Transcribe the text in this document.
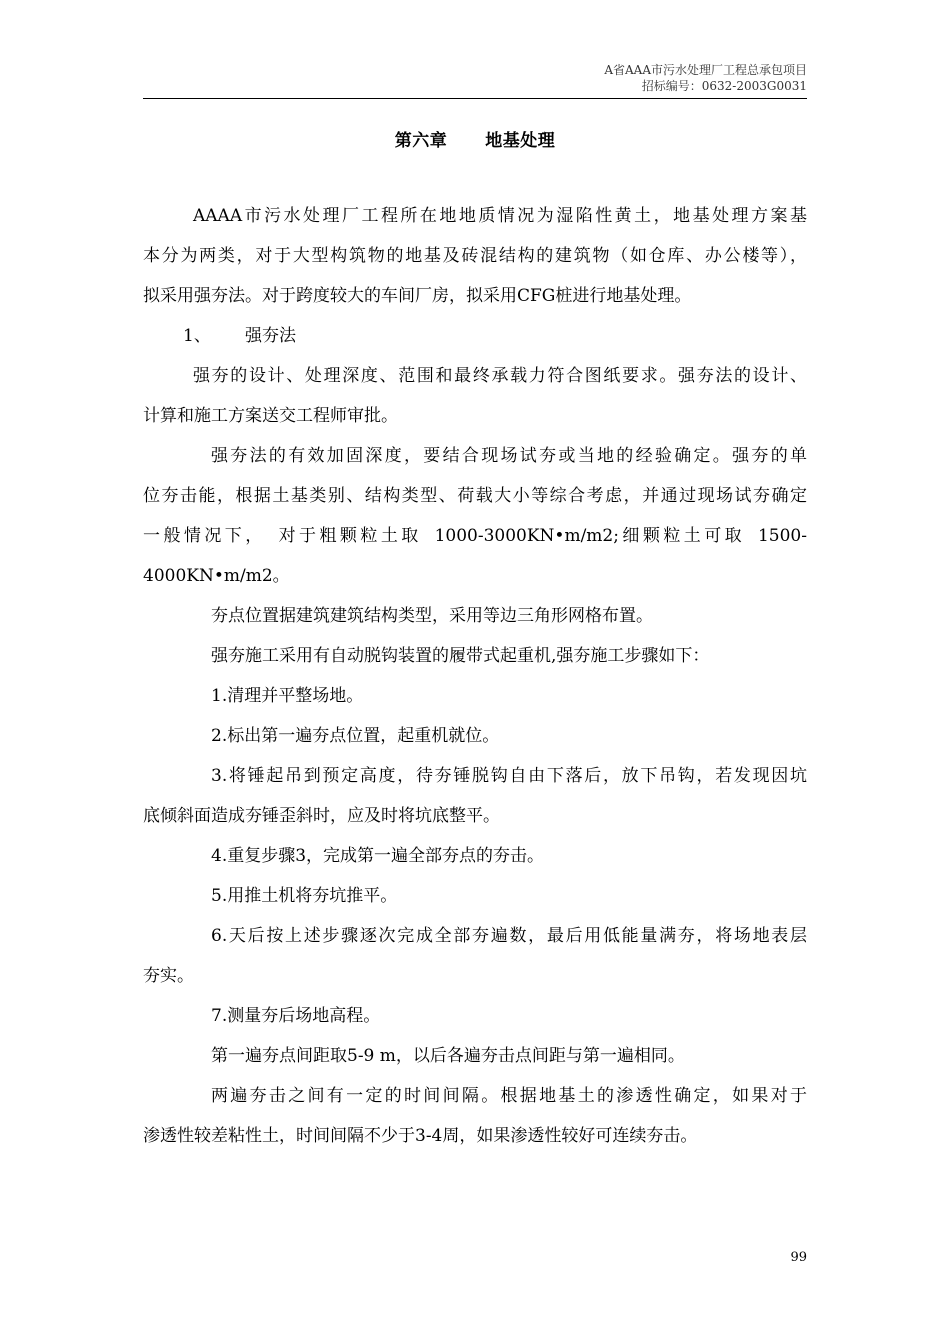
A省AAA市污水处理厂工程总承包项目
招标编号：0632-2003G0031
第六章 地基处理
AAAA市污水处理厂工程所在地地质情况为湿陷性黄土，地基处理方案基
本分为两类，对于大型构筑物的地基及砖混结构的建筑物（如仓库、办公楼等），
拟采用强夯法。对于跨度较大的车间厂房，拟采用CFG桩进行地基处理。
1、 强夯法
强夯的设计、处理深度、范围和最终承载力符合图纸要求。强夯法的设计、
计算和施工方案送交工程师审批。
强夯法的有效加固深度，要结合现场试夯或当地的经验确定。强夯的单
位夯击能，根据土基类别、结构类型、荷载大小等综合考虑，并通过现场试夯确定
一般情况下， 对于粗颗粒土取 1000-3000KN•m/m2;细颗粒土可取 1500-
4000KN•m/m2。
夯点位置据建筑建筑结构类型，采用等边三角形网格布置。
强夯施工采用有自动脱钩装置的履带式起重机,强夯施工步骤如下：
1.清理并平整场地。
2.标出第一遍夯点位置，起重机就位。
3.将锤起吊到预定高度，待夯锤脱钩自由下落后，放下吊钩，若发现因坑
底倾斜面造成夯锤歪斜时，应及时将坑底整平。
4.重复步骤3，完成第一遍全部夯点的夯击。
5.用推土机将夯坑推平。
6.天后按上述步骤逐次完成全部夯遍数，最后用低能量满夯，将场地表层
夯实。
7.测量夯后场地高程。
第一遍夯点间距取5-9 m，以后各遍夯击点间距与第一遍相同。
两遍夯击之间有一定的时间间隔。根据地基土的渗透性确定，如果对于
渗透性较差粘性土，时间间隔不少于3-4周，如果渗透性较好可连续夯击。
99
